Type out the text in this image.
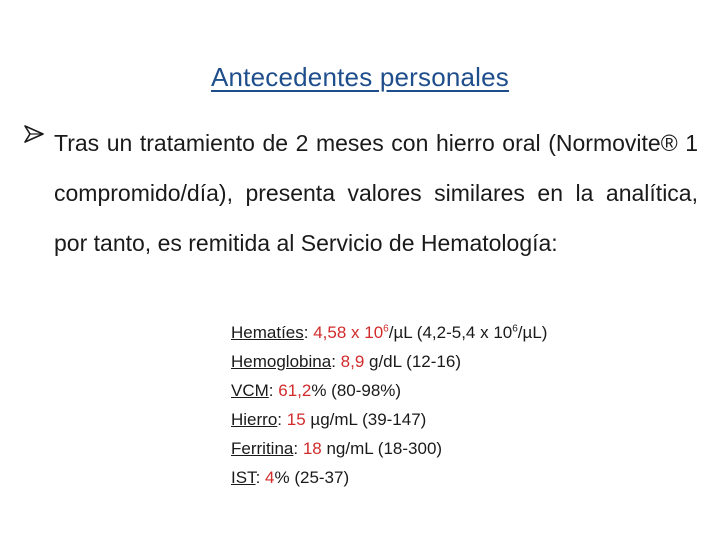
Antecedentes personales
Tras un tratamiento de 2 meses con hierro oral (Normovite® 1 compromido/día), presenta valores similares en la analítica, por tanto, es remitida al Servicio de Hematología:
Hematíes: 4,58 x $10^6/\mu L$ (4,2-5,4 x $10^6/\mu L$)
Hemoglobina: 8,9 g/dL (12-16)
VCM: 61,2% (80-98%)
Hierro: 15 µg/mL (39-147)
Ferritina: 18 ng/mL (18-300)
IST: 4% (25-37)
